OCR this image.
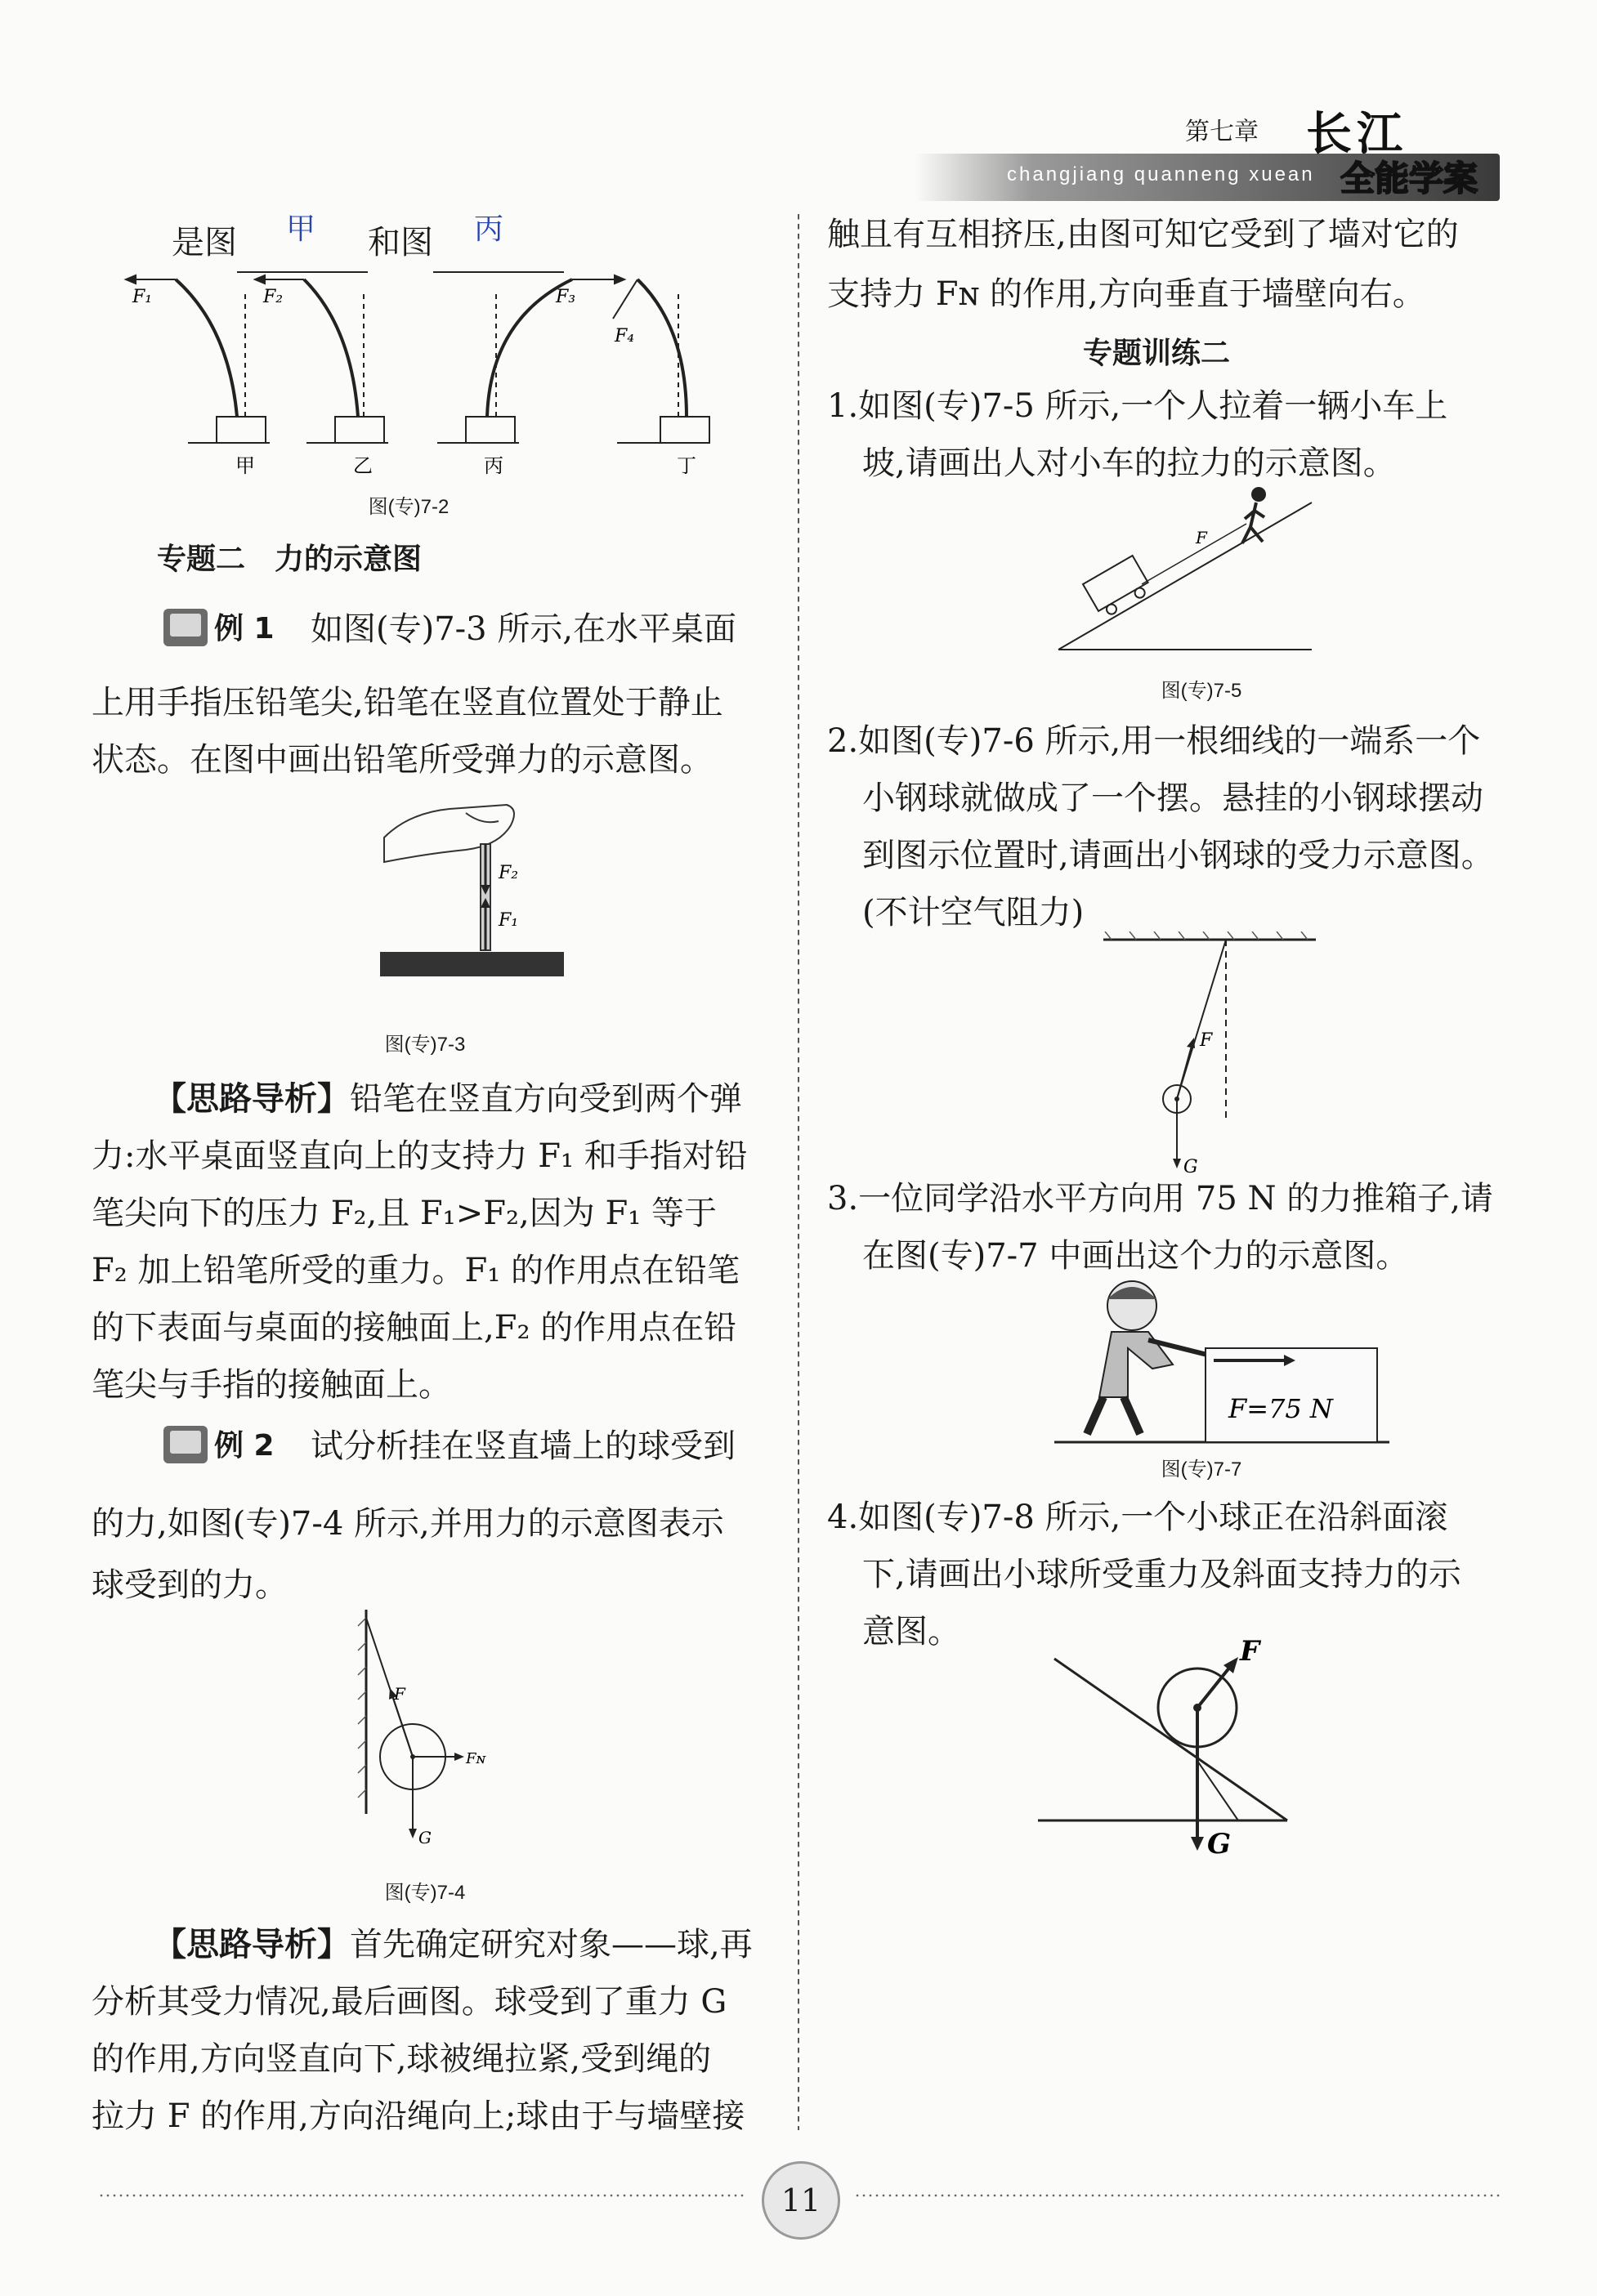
第七章
changjiang quanneng xuean
长江
全能学案
是图 甲 和图 丙

F₁	F₂	F₃
F₄
甲	乙	丙	丁
图(专)7-2
专题二　力的示意图
例 1 如图(专)7-3 所示,在水平桌面
上用手指压铅笔尖,铅笔在竖直位置处于静止
状态。在图中画出铅笔所受弹力的示意图。
F₂
F₁
图(专)7-3
【思路导析】铅笔在竖直方向受到两个弹
力:水平桌面竖直向上的支持力 F₁ 和手指对铅
笔尖向下的压力 F₂,且 F₁>F₂,因为 F₁ 等于
F₂ 加上铅笔所受的重力。F₁ 的作用点在铅笔
的下表面与桌面的接触面上,F₂ 的作用点在铅
笔尖与手指的接触面上。
例 2 试分析挂在竖直墙上的球受到
的力,如图(专)7-4 所示,并用力的示意图表示
球受到的力。
F
Fɴ
G
图(专)7-4
【思路导析】首先确定研究对象——球,再
分析其受力情况,最后画图。球受到了重力 G
的作用,方向竖直向下,球被绳拉紧,受到绳的
拉力 F 的作用,方向沿绳向上;球由于与墙壁接
触且有互相挤压,由图可知它受到了墙对它的
支持力 Fɴ 的作用,方向垂直于墙壁向右。
专题训练二
1.如图(专)7-5 所示,一个人拉着一辆小车上
坡,请画出人对小车的拉力的示意图。
F
图(专)7-5
2.如图(专)7-6 所示,用一根细线的一端系一个
小钢球就做成了一个摆。悬挂的小钢球摆动
到图示位置时,请画出小钢球的受力示意图。
(不计空气阻力)
F
G
3.一位同学沿水平方向用 75 N 的力推箱子,请
在图(专)7-7 中画出这个力的示意图。
F=75 N
图(专)7-7
4.如图(专)7-8 所示,一个小球正在沿斜面滚
下,请画出小球所受重力及斜面支持力的示
意图。
F
G
11
